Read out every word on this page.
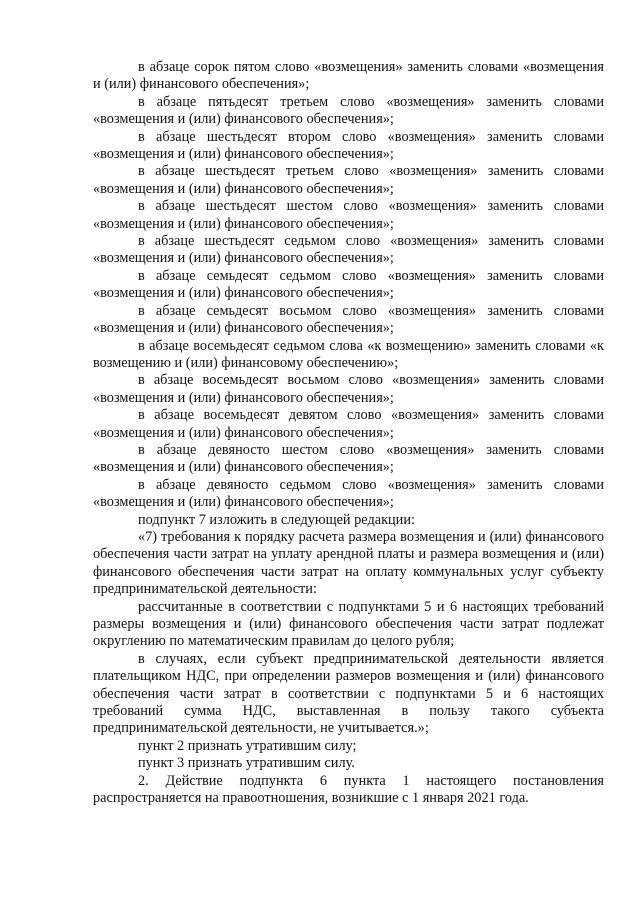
в абзаце сорок пятом слово «возмещения» заменить словами «возмещения и (или) финансового обеспечения»;

в абзаце пятьдесят третьем слово «возмещения» заменить словами «возмещения и (или) финансового обеспечения»;

в абзаце шестьдесят втором слово «возмещения» заменить словами «возмещения и (или) финансового обеспечения»;

в абзаце шестьдесят третьем слово «возмещения» заменить словами «возмещения и (или) финансового обеспечения»;

в абзаце шестьдесят шестом слово «возмещения» заменить словами «возмещения и (или) финансового обеспечения»;

в абзаце шестьдесят седьмом слово «возмещения» заменить словами «возмещения и (или) финансового обеспечения»;

в абзаце семьдесят седьмом слово «возмещения» заменить словами «возмещения и (или) финансового обеспечения»;

в абзаце семьдесят восьмом слово «возмещения» заменить словами «возмещения и (или) финансового обеспечения»;

в абзаце восемьдесят седьмом слова «к возмещению» заменить словами «к возмещению и (или) финансовому обеспечению»;

в абзаце восемьдесят восьмом слово «возмещения» заменить словами «возмещения и (или) финансового обеспечения»;

в абзаце восемьдесят девятом слово «возмещения» заменить словами «возмещения и (или) финансового обеспечения»;

в абзаце девяносто шестом слово «возмещения» заменить словами «возмещения и (или) финансового обеспечения»;

в абзаце девяносто седьмом слово «возмещения» заменить словами «возмещения и (или) финансового обеспечения»;

подпункт 7 изложить в следующей редакции:

«7) требования к порядку расчета размера возмещения и (или) финансового обеспечения части затрат на уплату арендной платы и размера возмещения и (или) финансового обеспечения части затрат на оплату коммунальных услуг субъекту предпринимательской деятельности:

рассчитанные в соответствии с подпунктами 5 и 6 настоящих требований размеры возмещения и (или) финансового обеспечения части затрат подлежат округлению по математическим правилам до целого рубля;

в случаях, если субъект предпринимательской деятельности является плательщиком НДС, при определении размеров возмещения и (или) финансового обеспечения части затрат в соответствии с подпунктами 5 и 6 настоящих требований сумма НДС, выставленная в пользу такого субъекта предпринимательской деятельности, не учитывается.»;

пункт 2 признать утратившим силу;

пункт 3 признать утратившим силу.

2. Действие подпункта 6 пункта 1 настоящего постановления распространяется на правоотношения, возникшие с 1 января 2021 года.
